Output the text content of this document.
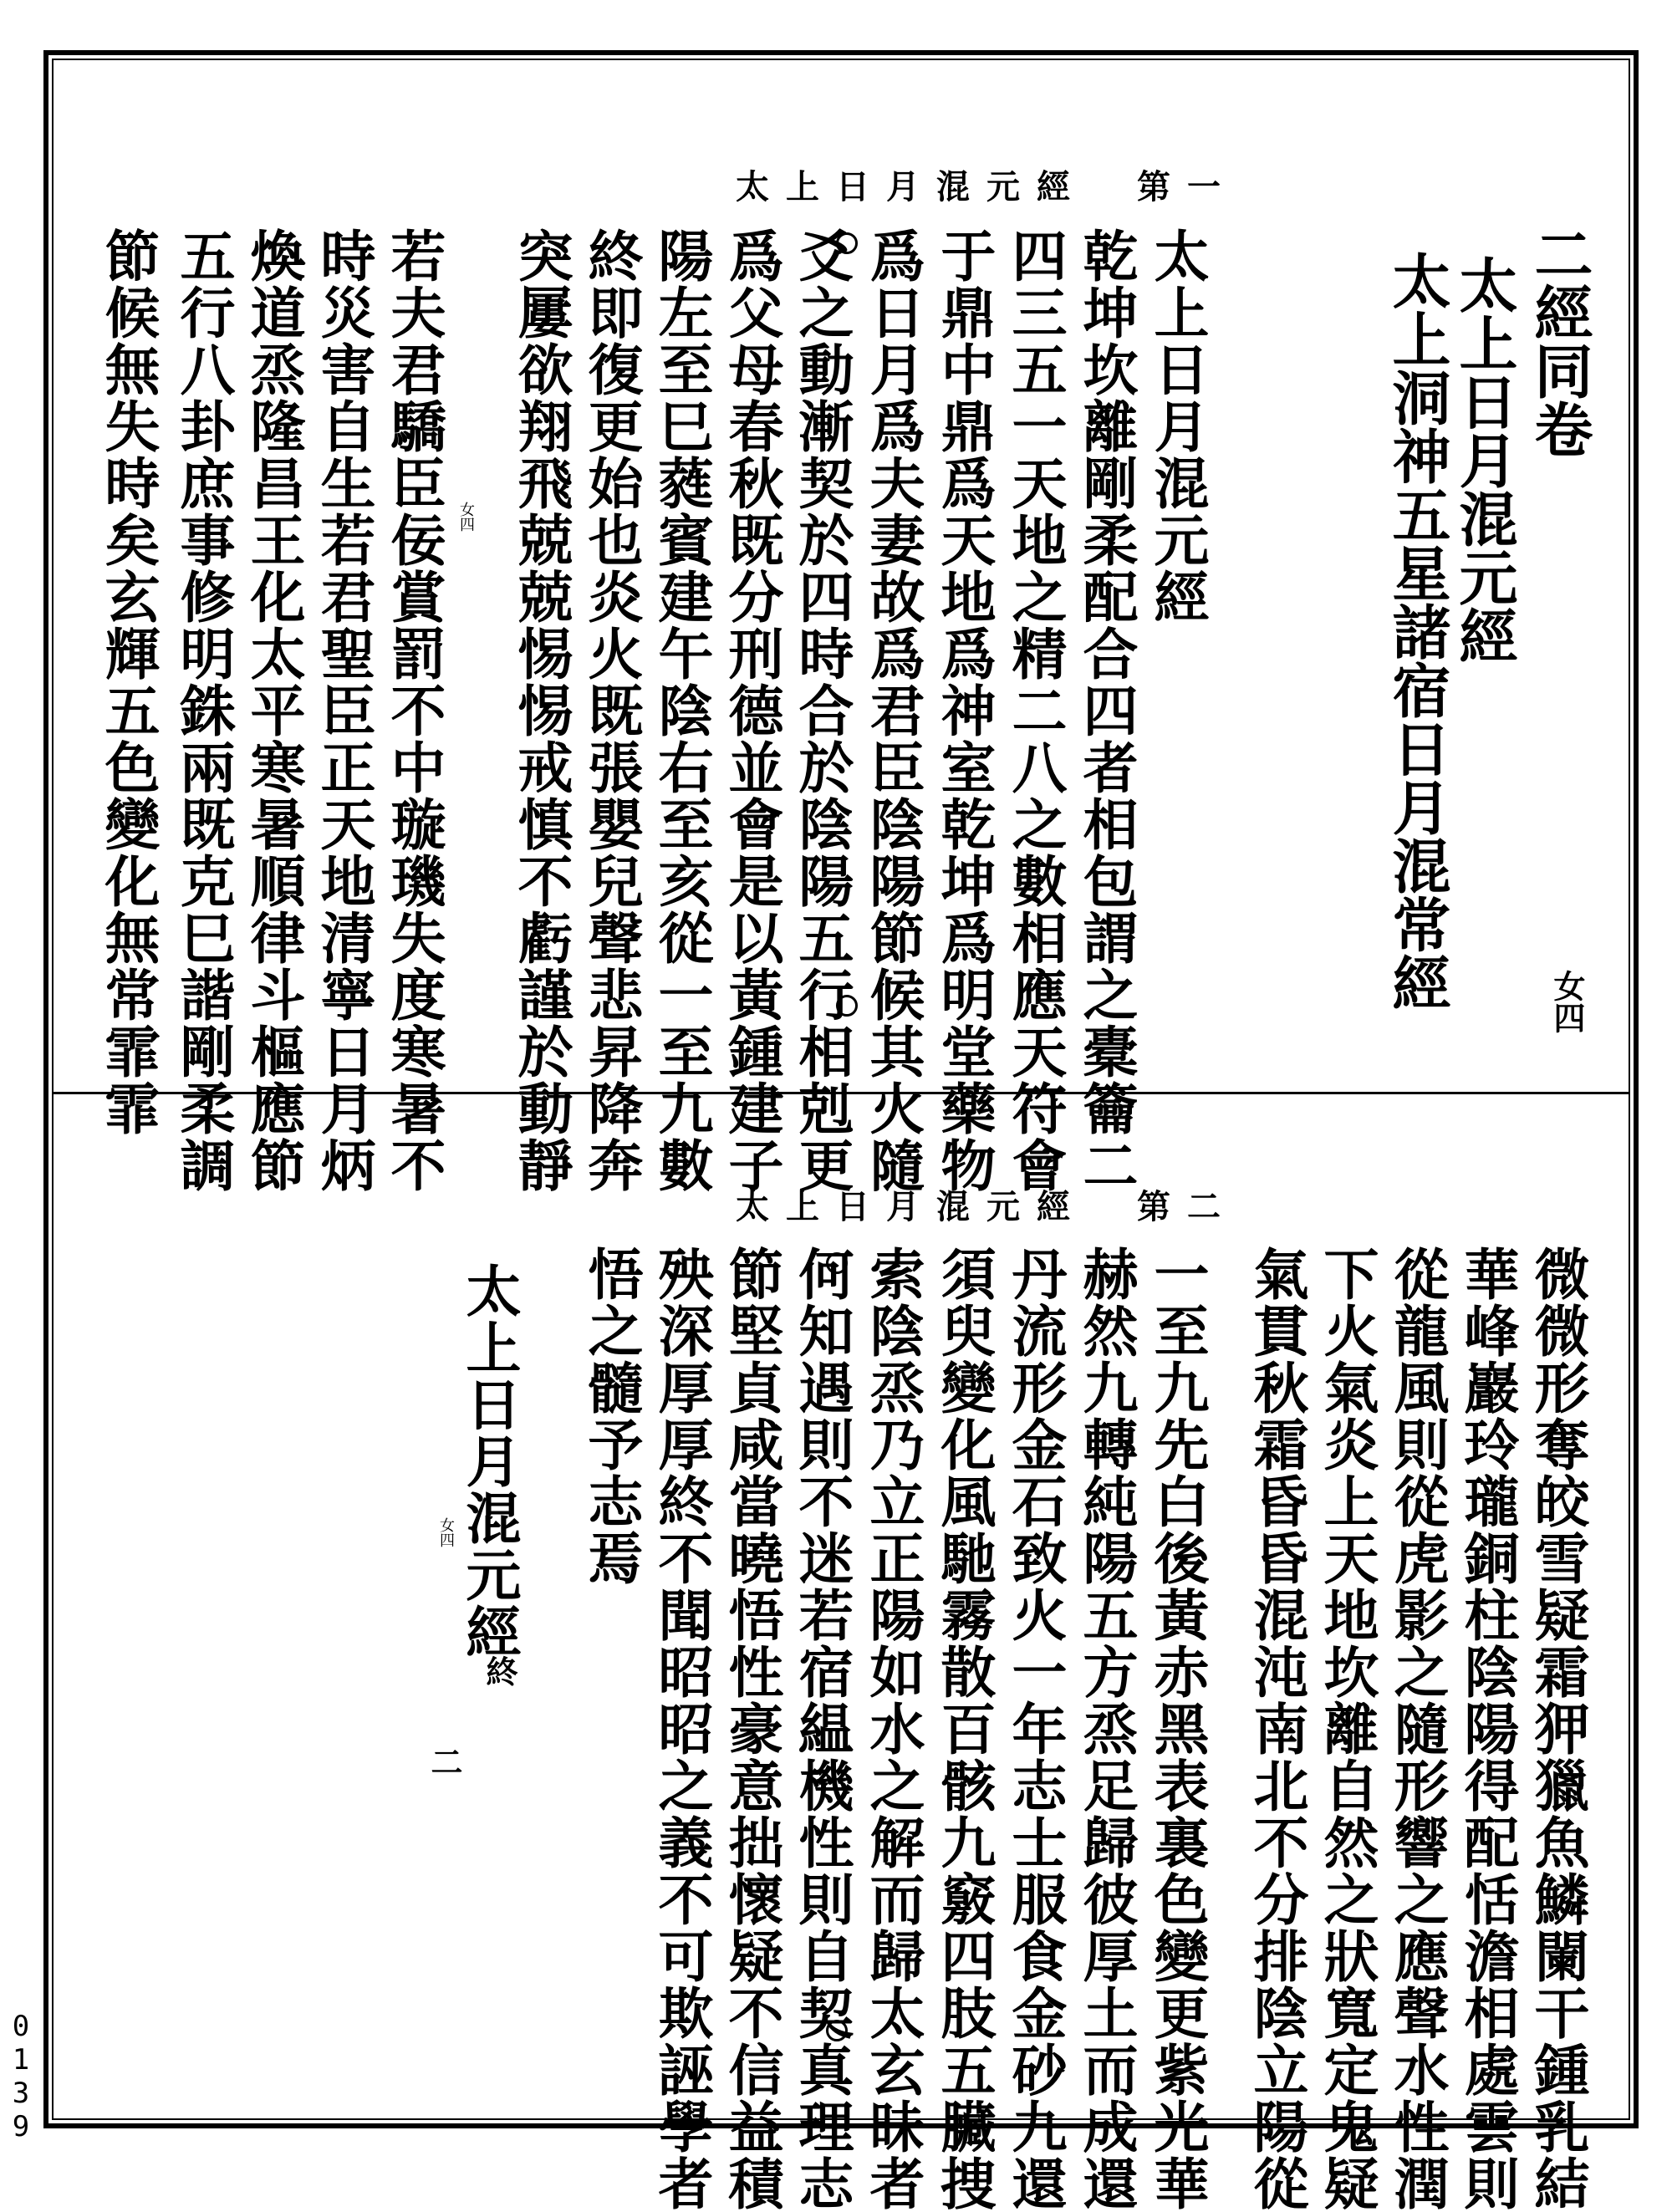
太上日月混元經　第一
二經同卷
太上日月混元經
太上洞神五星諸宿日月混常經	女四
太上日月混元經
乾坤坎離剛柔配合四者相包謂之橐籥二
四三五一天地之精二八之數相應天符會
于鼎中鼎爲天地爲神室乾坤爲明堂藥物
爲日月爲夫妻故爲君臣陰陽節候其火隨
爻之動漸契於四時合於陰陽五行相剋更
爲父母春秋既分刑德並會是以黃鍾建子
陽左至巳蕤賓建午陰右至亥從一至九數
終即復更始也炎火既張嬰兒聲悲昇降奔
突屢欲翔飛兢兢惕惕戒慎不虧謹於動靜
若夫君驕臣佞賞罰不中璇璣失度寒暑不
時災害自生若君聖臣正天地清寧日月炳
煥道烝隆昌王化太平寒暑順律斗樞應節
五行八卦庶事修明銖兩既克巳諧剛柔調
節候無失時矣玄輝五色變化無常霏霏	女四
太上日月混元經　第二
微微形奪皎雪疑霜狎獵魚鱗闌干鍾乳結
華峰巖玲瓏銅柱陰陽得配恬澹相處雲則
從龍風則從虎影之隨形響之應聲水性潤
下火氣炎上天地坎離自然之狀寬定鬼疑
氣貫秋霜昏昏混沌南北不分排陰立陽從
一至九先白後黃赤黑表裏色變更紫光華
赫然九轉純陽五方烝足歸彼厚土而成還
丹流形金石致火一年志士服食金砂九還
須臾變化風馳霧散百骸九竅四肢五臟捜
索陰烝乃立正陽如水之解而歸太玄昧者
何知遇則不迷若宿緼機性則自契真理志
節堅貞咸當曉悟性豪意拙懷疑不信益積
殃深厚厚終不聞昭昭之義不可欺誣學者
悟之髓予志焉
太上日月混元經
終
女四
二
0139
